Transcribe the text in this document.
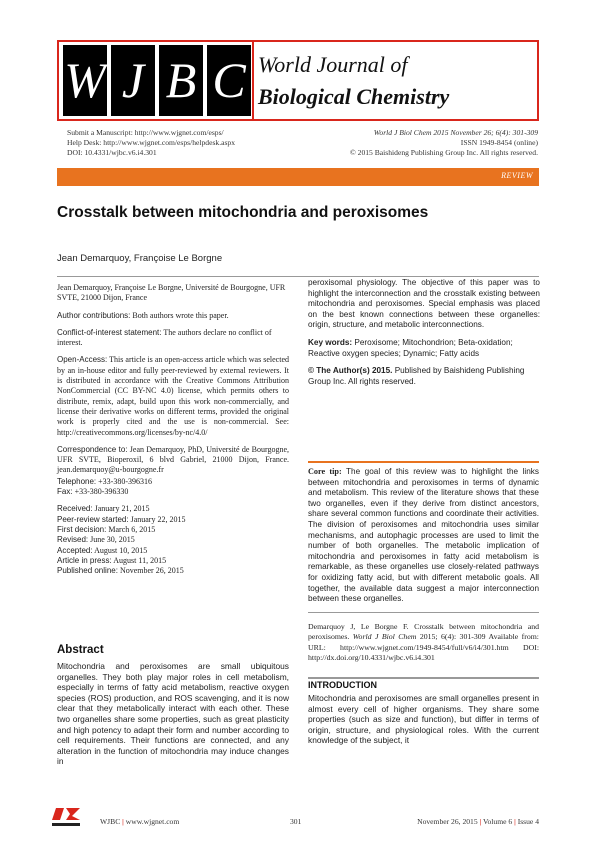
W J B C World Journal of
Biological Chemistry
Submit a Manuscript: http://www.wjgnet.com/esps/
Help Desk: http://www.wjgnet.com/esps/helpdesk.aspx
DOI: 10.4331/wjbc.v6.i4.301
World J Biol Chem 2015 November 26; 6(4): 301-309
ISSN 1949-8454 (online)
© 2015 Baishideng Publishing Group Inc. All rights reserved.
REVIEW
Crosstalk between mitochondria and peroxisomes
Jean Demarquoy, Françoise Le Borgne

Jean Demarquoy, Françoise Le Borgne, Université de Bourgogne, UFR SVTE, 21000 Dijon, France

Author contributions: Both authors wrote this paper.

Conflict-of-interest statement: The authors declare no conflict of interest.

Open-Access: This article is an open-access article which was selected by an in-house editor and fully peer-reviewed by external reviewers. It is distributed in accordance with the Creative Commons Attribution NonCommercial (CC BY-NC 4.0) license, which permits others to distribute, remix, adapt, build upon this work non-commercially, and license their derivative works on different terms, provided the original work is properly cited and the use is non-commercial. See: http://creativecommons.org/licenses/by-nc/4.0/

Correspondence to: Jean Demarquoy, PhD, Université de Bourgogne, UFR SVTE, Bioperoxil, 6 blvd Gabriel, 21000 Dijon, France. jean.demarquoy@u-bourgogne.fr

Telephone: +33-380-396316
Fax: +33-380-396330
Received: January 21, 2015
Peer-review started: January 22, 2015
First decision: March 6, 2015
Revised: June 30, 2015
Accepted: August 10, 2015
Article in press: August 11, 2015
Published online: November 26, 2015

peroxisomal physiology. The objective of this paper was to highlight the interconnection and the crosstalk existing between mitochondria and peroxisomes. Special emphasis was placed on the best known connections between these organelles: origin, structure, and metabolic interconnections.

Key words: Peroxisome; Mitochondrion; Beta-oxidation; Reactive oxygen species; Dynamic; Fatty acids

© The Author(s) 2015. Published by Baishideng Publishing Group Inc. All rights reserved.

Core tip: The goal of this review was to highlight the links between mitochondria and peroxisomes in terms of dynamic and metabolism. This review of the literature shows that these two organelles, even if they derive from distinct ancestors, share several common functions and coordinate their activities. The division of peroxisomes and mitochondria uses similar mechanisms, and autophagic processes are used to limit the number of both organelles. The metabolic implication of mitochondria and peroxisomes in fatty acid metabolism is remarkable, as these organelles use closely-related pathways for oxidizing fatty acid, but with different metabolic goals. All together, the available data suggest a major interconnection between these organelles.
Demarquoy J, Le Borgne F. Crosstalk between mitochondria and peroxisomes. World J Biol Chem 2015; 6(4): 301-309 Available from: URL: http://www.wjgnet.com/1949-8454/full/v6/i4/301.htm DOI: http://dx.doi.org/10.4331/wjbc.v6.i4.301
Abstract
Mitochondria and peroxisomes are small ubiquitous organelles. They both play major roles in cell metabolism, especially in terms of fatty acid metabolism, reactive oxygen species (ROS) production, and ROS scavenging, and it is now clear that they metabolically interact with each other. These two organelles share some properties, such as great plasticity and high potency to adapt their form and number according to cell requirements. Their functions are connected, and any alteration in the function of mitochondria may induce changes in
INTRODUCTION
Mitochondria and peroxisomes are small organelles present in almost every cell of higher organisms. They share some properties (such as size and function), but differ in terms of origin, structure, and physiological roles. With the current knowledge of the subject, it
WJBC | www.wjgnet.com	301	November 26, 2015 | Volume 6 | Issue 4
